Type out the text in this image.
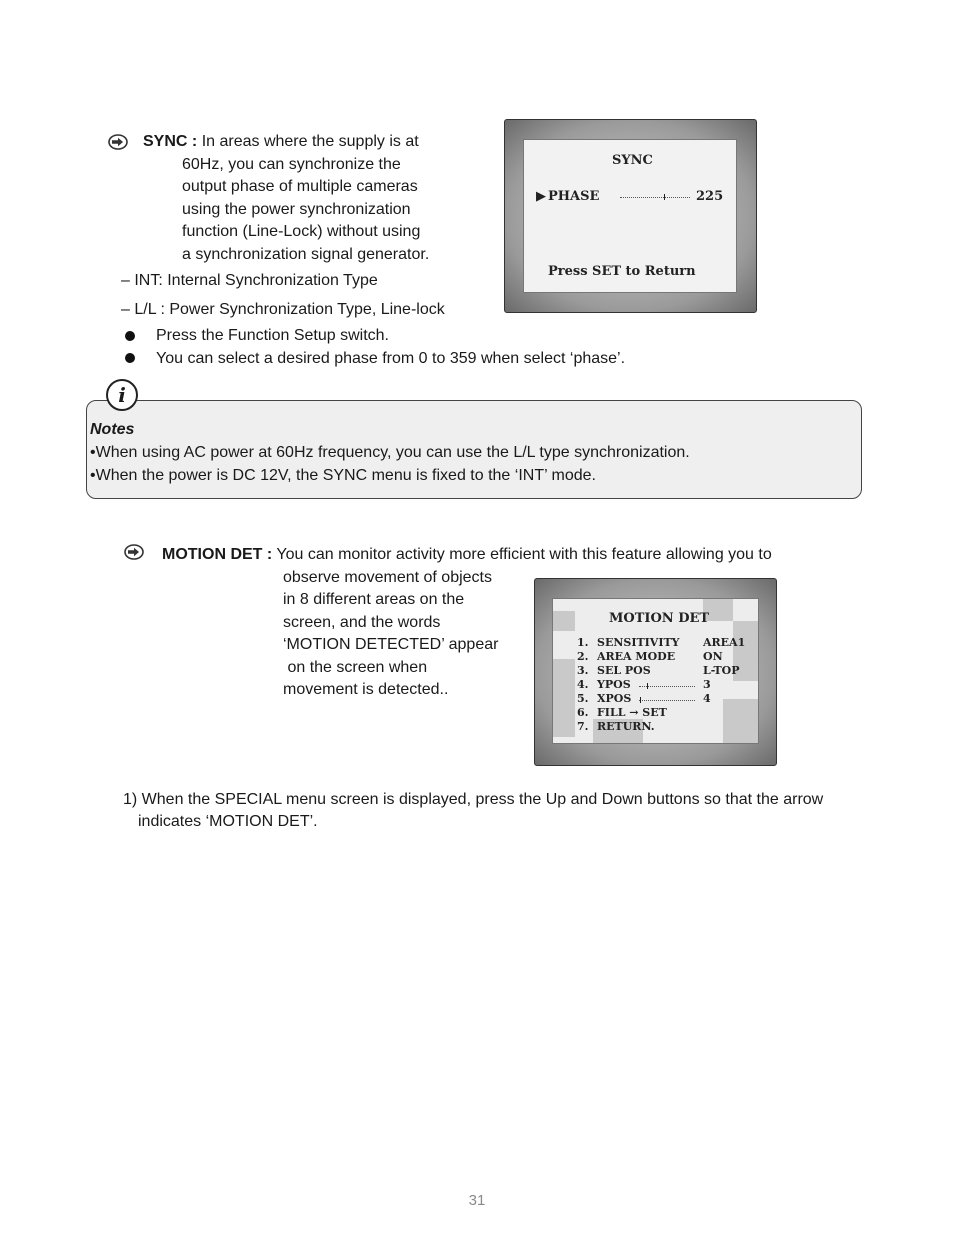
SYNC : In areas where the supply is at
60Hz, you can synchronize the
output phase of multiple cameras
using the power synchronization
function (Line-Lock) without using
a synchronization signal generator.
– INT: Internal Synchronization Type
– L/L : Power Synchronization Type, Line-lock
Press the Function Setup switch.
You can select a desired phase from 0 to 359 when select ‘phase’.
SYNC
▶ PHASE	225
Press SET to Return
i
Notes
•When using AC power at 60Hz frequency, you can use the L/L type synchronization.
•When the power is DC 12V, the SYNC menu is fixed to the ‘INT’ mode.
MOTION DET : You can monitor activity more efficient with this feature allowing you to
observe movement of objects
in 8 different areas on the
screen, and the words
‘MOTION DETECTED’ appear
on the screen when
movement is detected..
MOTION DET
1. SENSITIVITY AREA1
2. AREA MODE	ON
3. SEL POS	L-TOP
4. YPOS	3
5. XPOS	4
6. FILL → SET
7. RETURN.
1) When the SPECIAL menu screen is displayed, press the Up and Down buttons so that the arrow
indicates ‘MOTION DET’.
31
